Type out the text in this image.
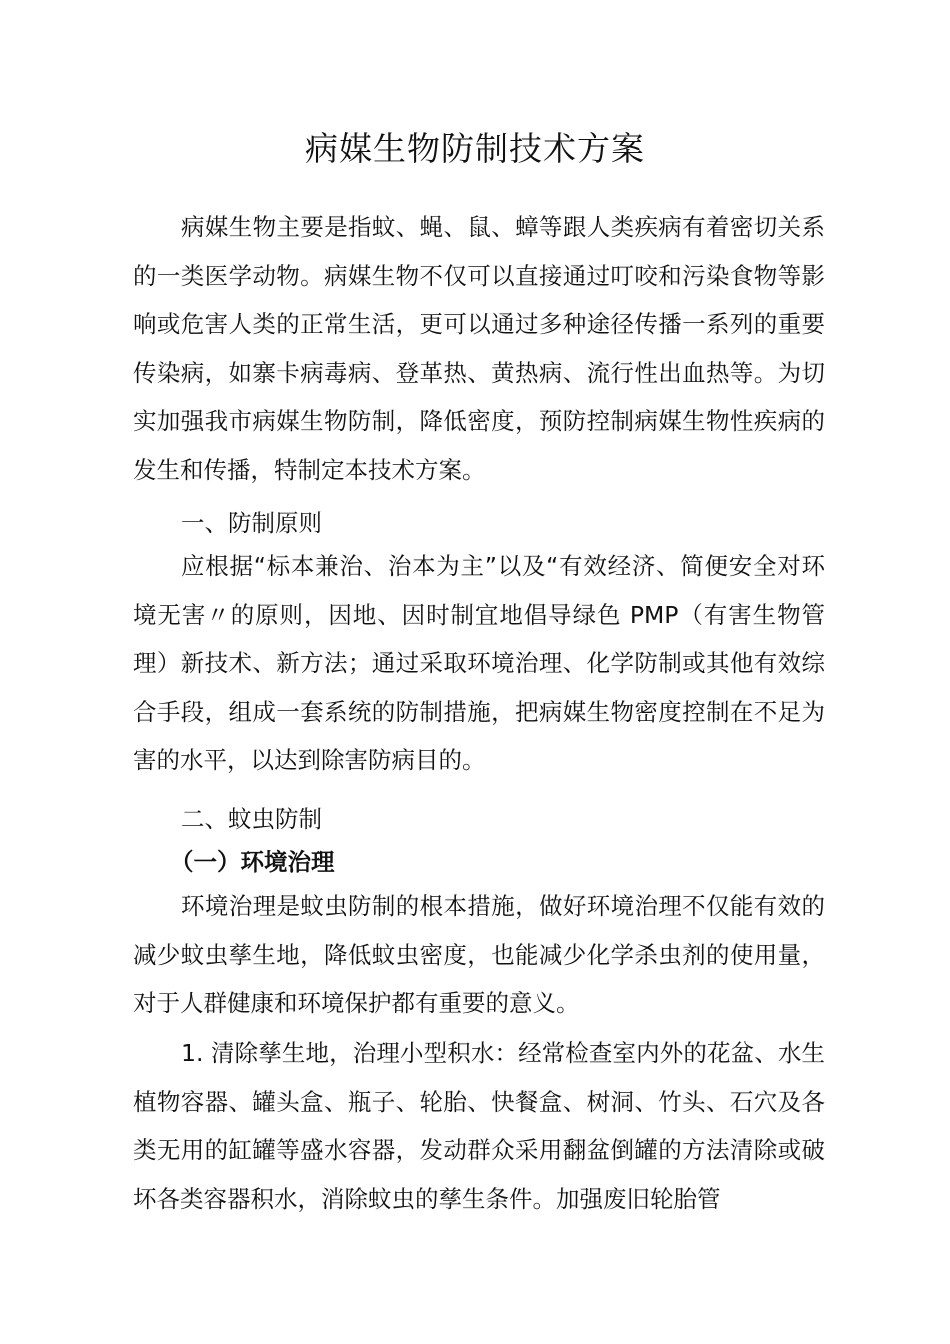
病媒生物防制技术方案

病媒生物主要是指蚊、蝇、鼠、蟑等跟人类疾病有着密切关系的一类医学动物。病媒生物不仅可以直接通过叮咬和污染食物等影响或危害人类的正常生活，更可以通过多种途径传播一系列的重要传染病，如寨卡病毒病、登革热、黄热病、流行性出血热等。为切实加强我市病媒生物防制，降低密度，预防控制病媒生物性疾病的发生和传播，特制定本技术方案。

一、防制原则

应根据“标本兼治、治本为主”以及“有效经济、简便安全对环境无害〃的原则，因地、因时制宜地倡导绿色 PMP（有害生物管理）新技术、新方法；通过采取环境治理、化学防制或其他有效综合手段，组成一套系统的防制措施，把病媒生物密度控制在不足为害的水平，以达到除害防病目的。

二、蚊虫防制

（一）环境治理

环境治理是蚊虫防制的根本措施，做好环境治理不仅能有效的减少蚊虫孳生地，降低蚊虫密度，也能减少化学杀虫剂的使用量，对于人群健康和环境保护都有重要的意义。

1. 清除孳生地，治理小型积水：经常检查室内外的花盆、水生植物容器、罐头盒、瓶子、轮胎、快餐盒、树洞、竹头、石穴及各类无用的缸罐等盛水容器，发动群众采用翻盆倒罐的方法清除或破坏各类容器积水，消除蚊虫的孳生条件。加强废旧轮胎管
